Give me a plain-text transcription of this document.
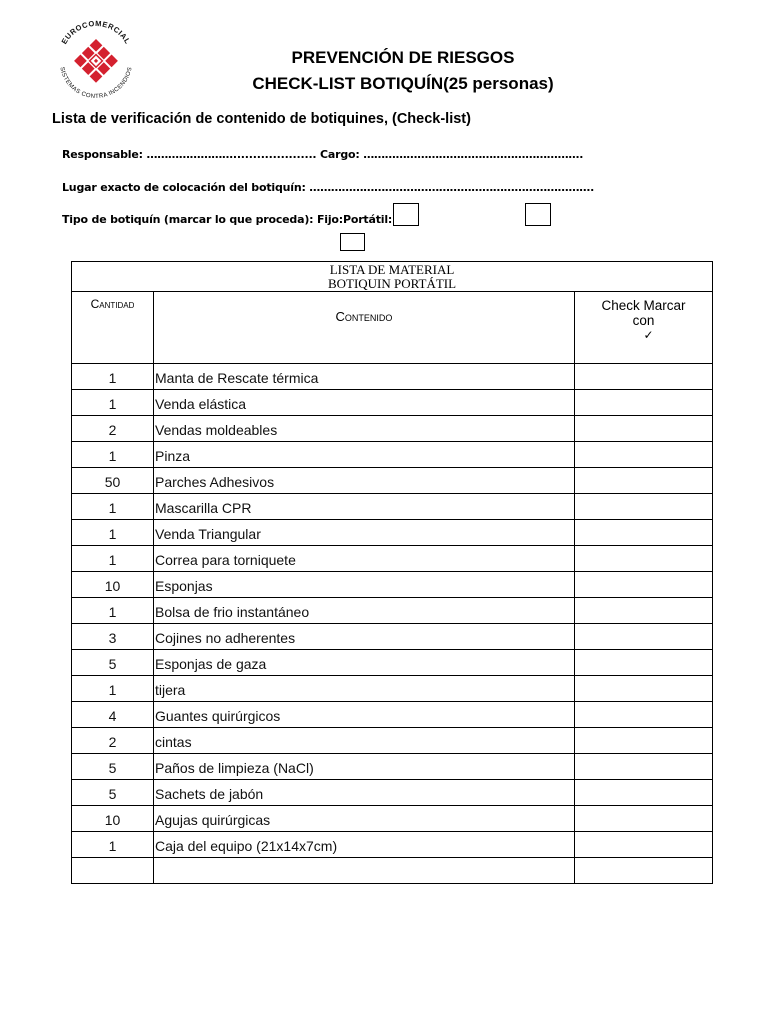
EUROCOMERCIAL
SISTEMAS CONTRA INCENDIOS
PREVENCIÓN DE RIESGOS
CHECK-LIST BOTIQUÍN(25 personas)
Lista de verificación de contenido de botiquines, (Check-list)
Responsable: ……………………..................... Cargo: …………………………………………………….
Lugar exacto de colocación del botiquín: …………………………………………………………………….
Tipo de botiquín (marcar lo que proceda): Fijo:Portátil:
LISTA DE MATERIAL
BOTIQUIN PORTÁTIL
Cantidad	Contenido	Check Marcar
con
✓

1	Manta de Rescate térmica	
1	Venda elástica	
2	Vendas moldeables	
1	Pinza	
50	Parches Adhesivos	
1	Mascarilla CPR	
1	Venda Triangular	
1	Correa para torniquete	
10	Esponjas	
1	Bolsa de frio instantáneo	
3	Cojines no adherentes	
5	Esponjas de gaza	
1	tijera	
4	Guantes quirúrgicos	
2	cintas	
5	Paños de limpieza (NaCl)	
5	Sachets de jabón	
10	Agujas quirúrgicas	
1	Caja del equipo (21x14x7cm)	
